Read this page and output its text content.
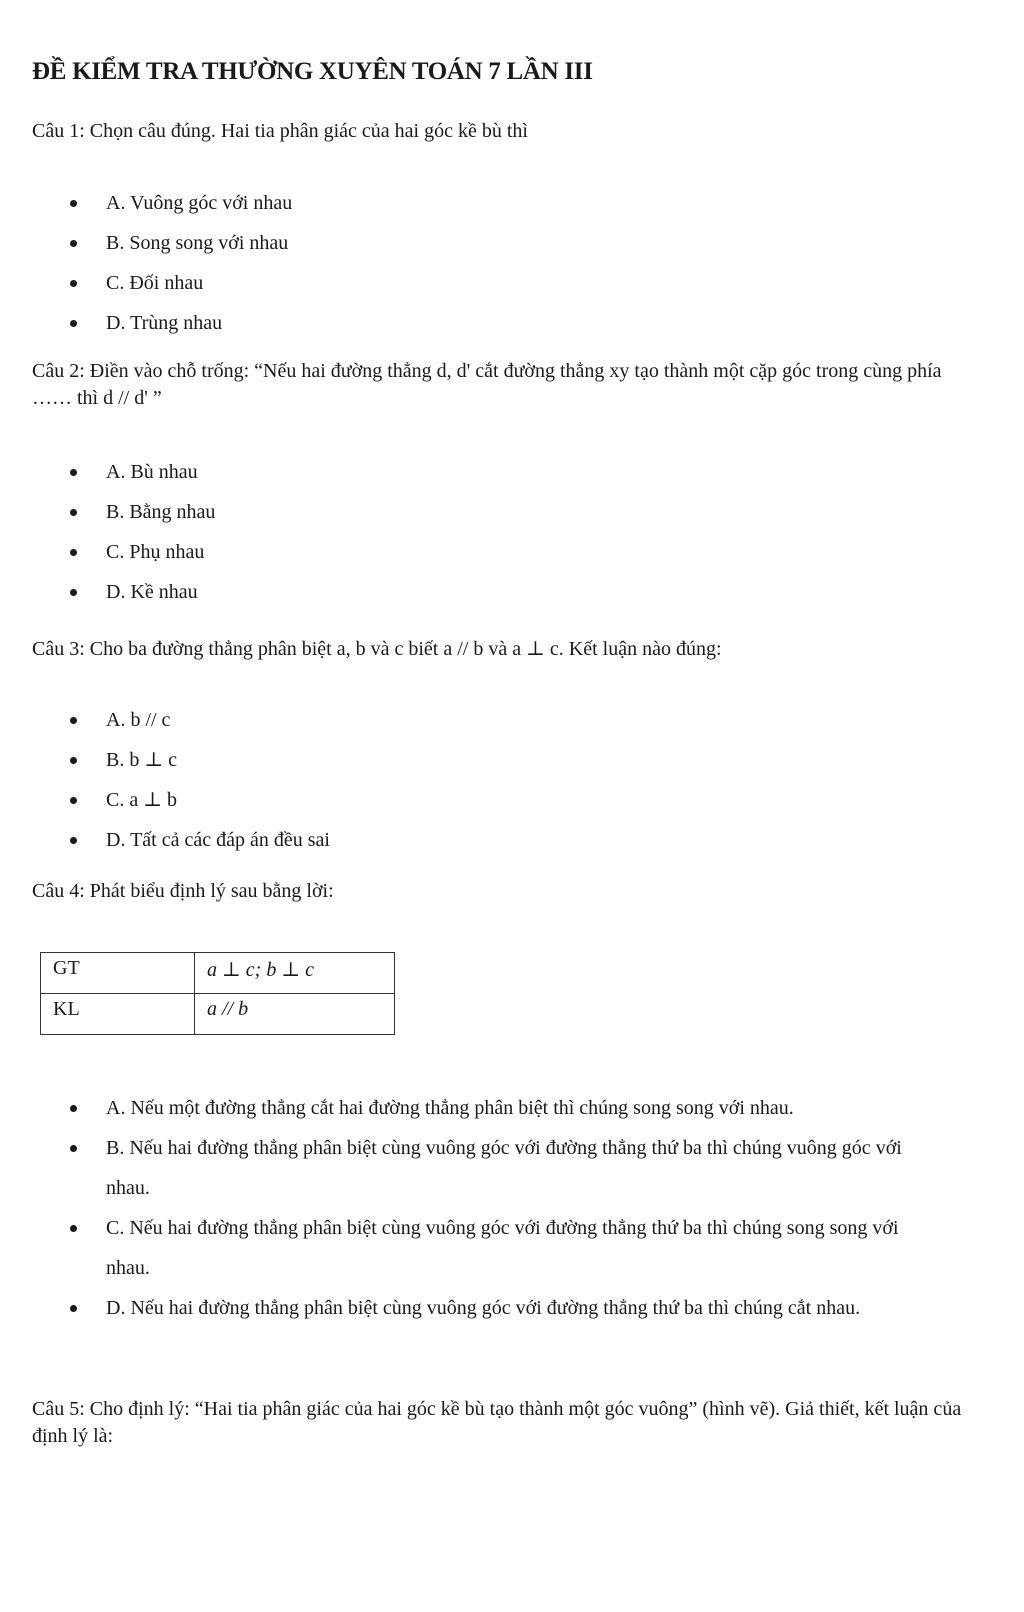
ĐỀ KIỂM TRA THƯỜNG XUYÊN TOÁN 7 LẦN III
Câu 1: Chọn câu đúng. Hai tia phân giác của hai góc kề bù thì
A. Vuông góc với nhau
B. Song song với nhau
C. Đối nhau
D. Trùng nhau
Câu 2: Điền vào chỗ trống: “Nếu hai đường thẳng d, d' cắt đường thẳng xy tạo thành một cặp góc trong cùng phía …… thì d // d' ”
A. Bù nhau
B. Bằng nhau
C. Phụ nhau
D. Kề nhau
Câu 3: Cho ba đường thẳng phân biệt a, b và c biết a // b và a ⊥ c. Kết luận nào đúng:
A. b // c
B. b ⊥ c
C. a ⊥ b
D. Tất cả các đáp án đều sai
Câu 4: Phát biểu định lý sau bằng lời:
GT	a ⊥ c; b ⊥ c
KL	a // b
A. Nếu một đường thẳng cắt hai đường thẳng phân biệt thì chúng song song với nhau.
B. Nếu hai đường thẳng phân biệt cùng vuông góc với đường thẳng thứ ba thì chúng vuông góc với nhau.
C. Nếu hai đường thẳng phân biệt cùng vuông góc với đường thẳng thứ ba thì chúng song song với nhau.
D. Nếu hai đường thẳng phân biệt cùng vuông góc với đường thẳng thứ ba thì chúng cắt nhau.
Câu 5: Cho định lý: “Hai tia phân giác của hai góc kề bù tạo thành một góc vuông” (hình vẽ). Giả thiết, kết luận của định lý là:
